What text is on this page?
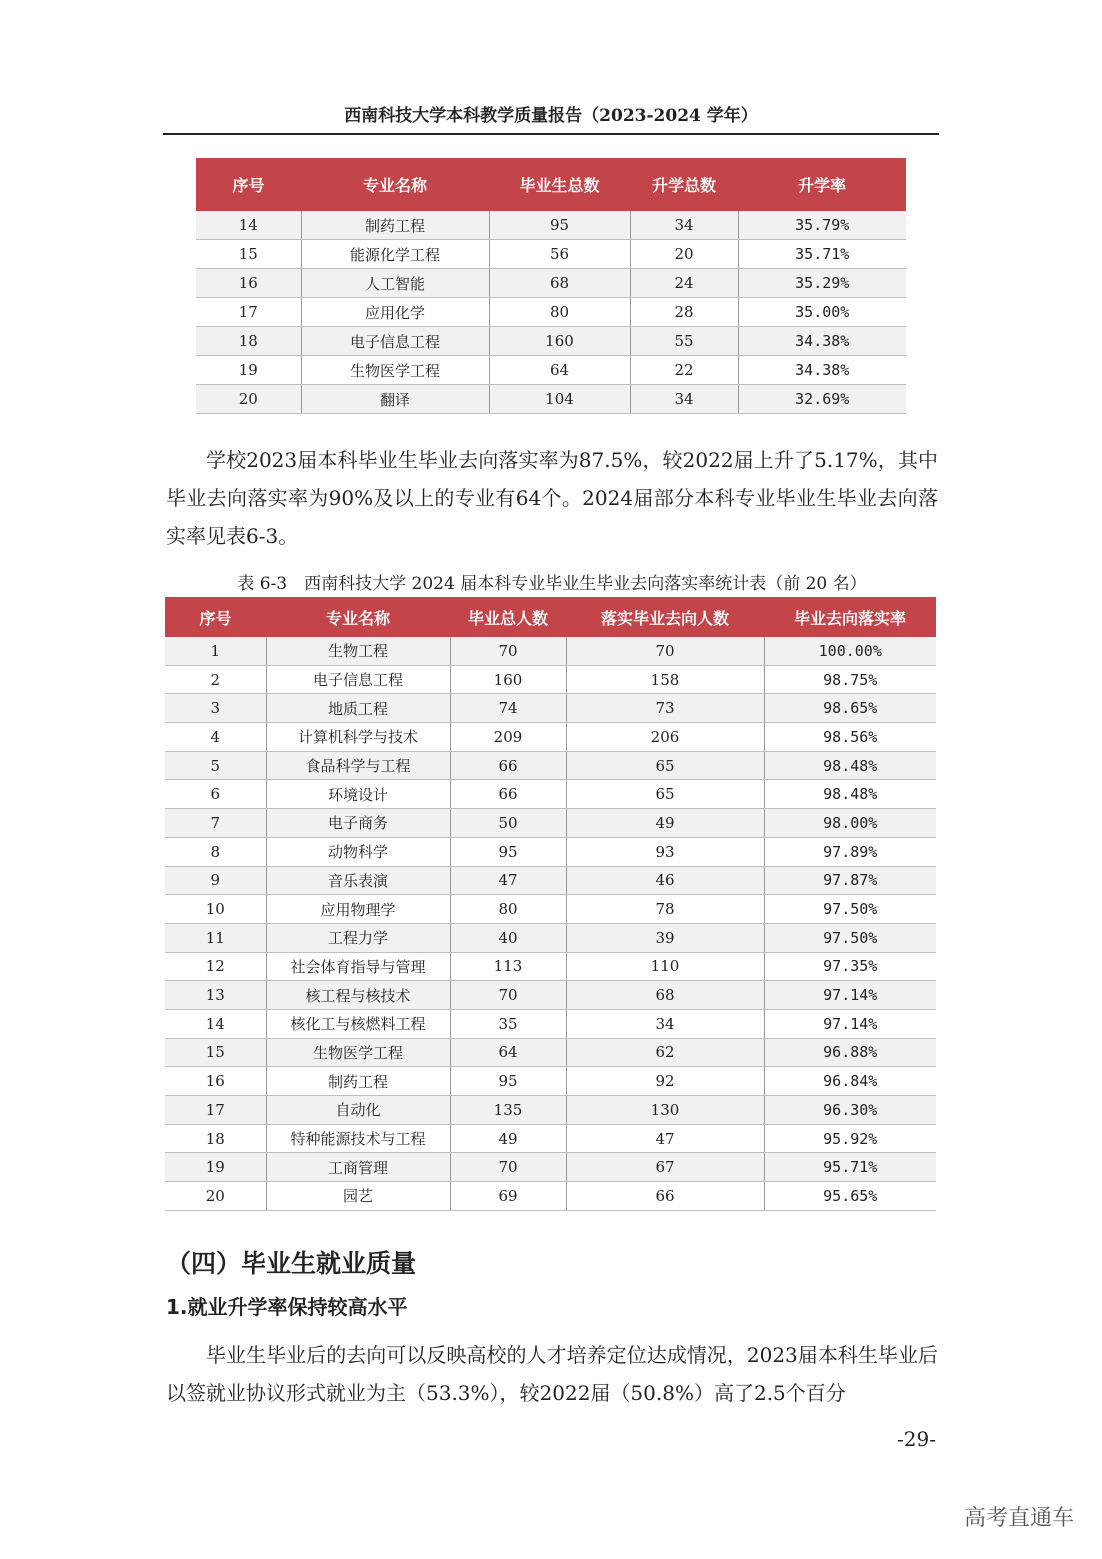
西南科技大学本科教学质量报告（2023-2024 学年）
序号	专业名称	毕业生总数	升学总数	升学率
14	制药工程	95	34	35.79%
15	能源化学工程	56	20	35.71%
16	人工智能	68	24	35.29%
17	应用化学	80	28	35.00%
18	电子信息工程	160	55	34.38%
19	生物医学工程	64	22	34.38%
20	翻译	104	34	32.69%

学校2023届本科毕业生毕业去向落实率为87.5%，较2022届上升了5.17%，其中毕业去向落实率为90%及以上的专业有64个。2024届部分本科专业毕业生毕业去向落实率见表6-3。

表 6-3　西南科技大学 2024 届本科专业毕业生毕业去向落实率统计表（前 20 名）
序号	专业名称	毕业总人数	落实毕业去向人数	毕业去向落实率
1	生物工程	70	70	100.00%
2	电子信息工程	160	158	98.75%
3	地质工程	74	73	98.65%
4	计算机科学与技术	209	206	98.56%
5	食品科学与工程	66	65	98.48%
6	环境设计	66	65	98.48%
7	电子商务	50	49	98.00%
8	动物科学	95	93	97.89%
9	音乐表演	47	46	97.87%
10	应用物理学	80	78	97.50%
11	工程力学	40	39	97.50%
12	社会体育指导与管理	113	110	97.35%
13	核工程与核技术	70	68	97.14%
14	核化工与核燃料工程	35	34	97.14%
15	生物医学工程	64	62	96.88%
16	制药工程	95	92	96.84%
17	自动化	135	130	96.30%
18	特种能源技术与工程	49	47	95.92%
19	工商管理	70	67	95.71%
20	园艺	69	66	95.65%
（四）毕业生就业质量
1.就业升学率保持较高水平

毕业生毕业后的去向可以反映高校的人才培养定位达成情况，2023届本科生毕业后以签就业协议形式就业为主（53.3%），较2022届（50.8%）高了2.5个百分

-29-
高考直通车
